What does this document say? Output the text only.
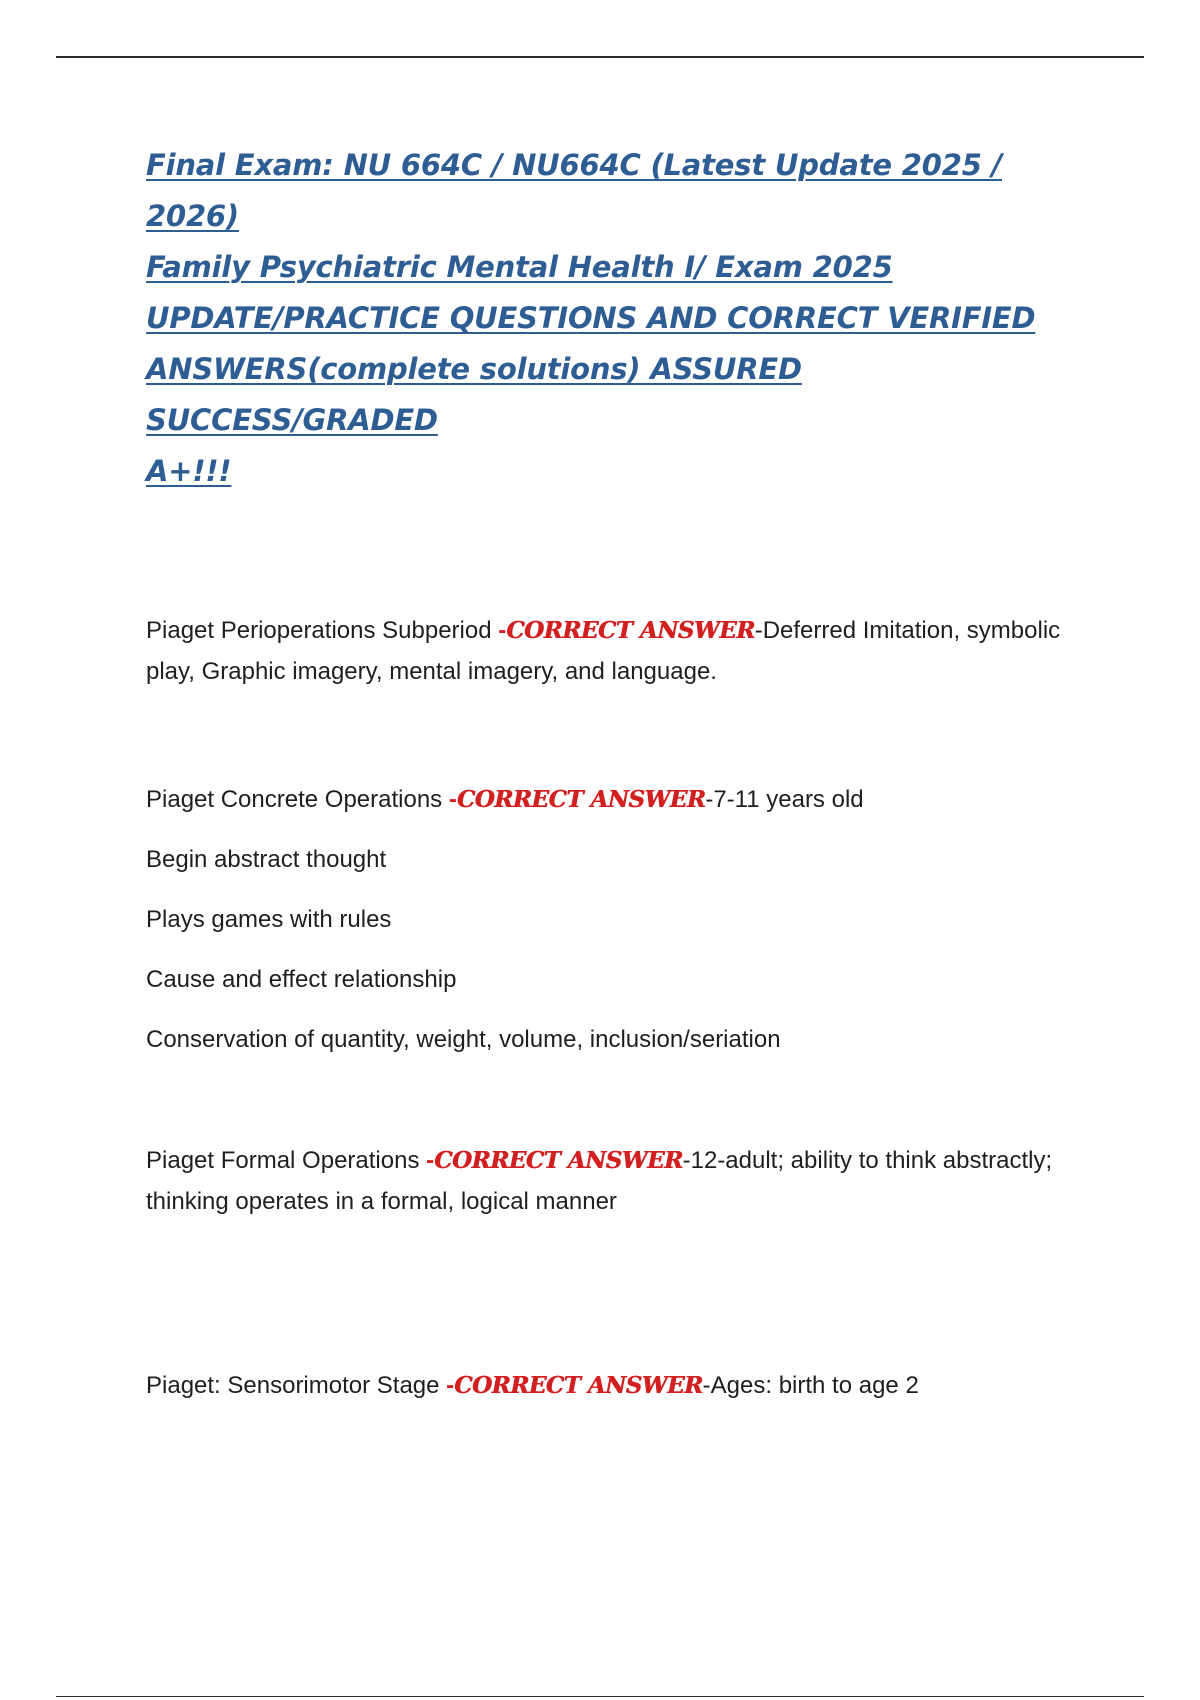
Final Exam: NU 664C / NU664C (Latest Update 2025 / 2026)
Family Psychiatric Mental Health I/ Exam 2025
UPDATE/PRACTICE QUESTIONS AND CORRECT VERIFIED
ANSWERS(complete solutions) ASSURED SUCCESS/GRADED
A+!!!

Piaget Perioperations Subperiod -CORRECT ANSWER-Deferred Imitation, symbolic play, Graphic imagery, mental imagery, and language.

Piaget Concrete Operations -CORRECT ANSWER-7-11 years old

Begin abstract thought

Plays games with rules

Cause and effect relationship

Conservation of quantity, weight, volume, inclusion/seriation

Piaget Formal Operations -CORRECT ANSWER-12-adult; ability to think abstractly; thinking operates in a formal, logical manner

Piaget: Sensorimotor Stage -CORRECT ANSWER-Ages: birth to age 2
